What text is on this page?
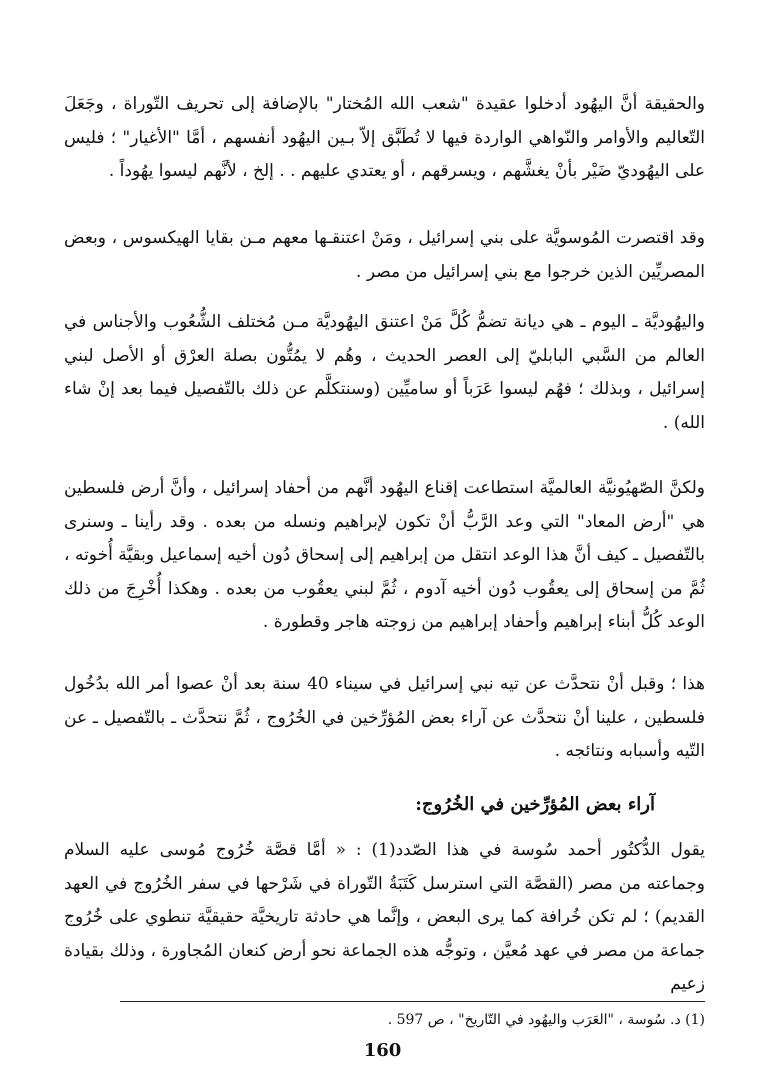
والحقيقة أنَّ اليهُود أدخلوا عقيدة "شعب الله المُختار" بالإضافة إلى تحريف التّوراة ، وجَعَلَ التّعاليم والأوامر والنّواهي الواردة فيها لا تُطَبَّق إلاّ بـين اليهُود أنفسهم ، أمَّا "الأغيار" ؛ فليس على اليهُوديّ ضَيْر بأنْ يغشَّهم ، ويسرقهم ، أو يعتدي عليهم . . إلخ ، لأنَّهم ليسوا يهُوداً .

وقد اقتصرت المُوسويَّة على بني إسرائيل ، ومَنْ اعتنقـها معهم مـن بقايا الهيكسوس ، وبعض المصريِّين الذين خرجوا مع بني إسرائيل من مصر .

واليهُوديَّة ـ اليوم ـ هي ديانة تضمُّ كُلَّ مَنْ اعتنق اليهُوديَّة مـن مُختلف الشُّعُوب والأجناس في العالم من السَّبي البابليّ إلى العصر الحديث ، وهُم لا يمُتُّون بصلة العرْق أو الأصل لبني إسرائيل ، وبذلك ؛ فهُم ليسوا عَرَباً أو ساميِّين (وسنتكلَّم عن ذلك بالتّفصيل فيما بعد إنْ شاء الله) .

ولكنَّ الصّهيُونيَّة العالميَّة استطاعت إقناع اليهُود أنَّهم من أحفاد إسرائيل ، وأنَّ أرض فلسطين هي "أرض المعاد" التي وعد الرَّبُّ أنْ تكون لإبراهيم ونسله من بعده . وقد رأينا ـ وسنرى بالتّفصيل ـ كيف أنَّ هذا الوعد انتقل من إبراهيم إلى إسحاق دُون أخيه إسماعيل وبقيَّة أُخوته ، ثُمَّ من إسحاق إلى يعقُوب دُون أخيه آدوم ، ثُمَّ لبني يعقُوب من بعده . وهكذا أُخْرِجَ من ذلك الوعد كُلُّ أبناء إبراهيم وأحفاد إبراهيم من زوجته هاجر وقطورة .

هذا ؛ وقبل أنْ نتحدَّث عن تيه نبي إسرائيل في سيناء 40 سنة بعد أنْ عصوا أمر الله بدُخُول فلسطين ، علينا أنْ نتحدَّث عن آراء بعض المُؤرِّخين في الخُرُوج ، ثُمَّ نتحدَّث ـ بالتّفصيل ـ عن التّيه وأسبابه ونتائجه .

آراء بعض المُؤرِّخين في الخُرُوج:

يقول الدُّكتُور أحمد سُوسة في هذا الصّدد(1) : « أمَّا قصَّة خُرُوج مُوسى عليه السلام وجماعته من مصر (القصَّة التي استرسل كَتَبَةُ التّوراة في شَرْحها في سفر الخُرُوج في العهد القديم) ؛ لم تكن خُرافة كما يرى البعض ، وإنَّما هي حادثة تاريخيَّة حقيقيَّة تنطوي على خُرُوج جماعة من مصر في عهد مُعيَّن ، وتوجُّه هذه الجماعة نحو أرض كنعان المُجاورة ، وذلك بقيادة زعيم

(1) د. سُوسة ، "العَرَب واليهُود في التّاريخ" ، ص 597 .

160
